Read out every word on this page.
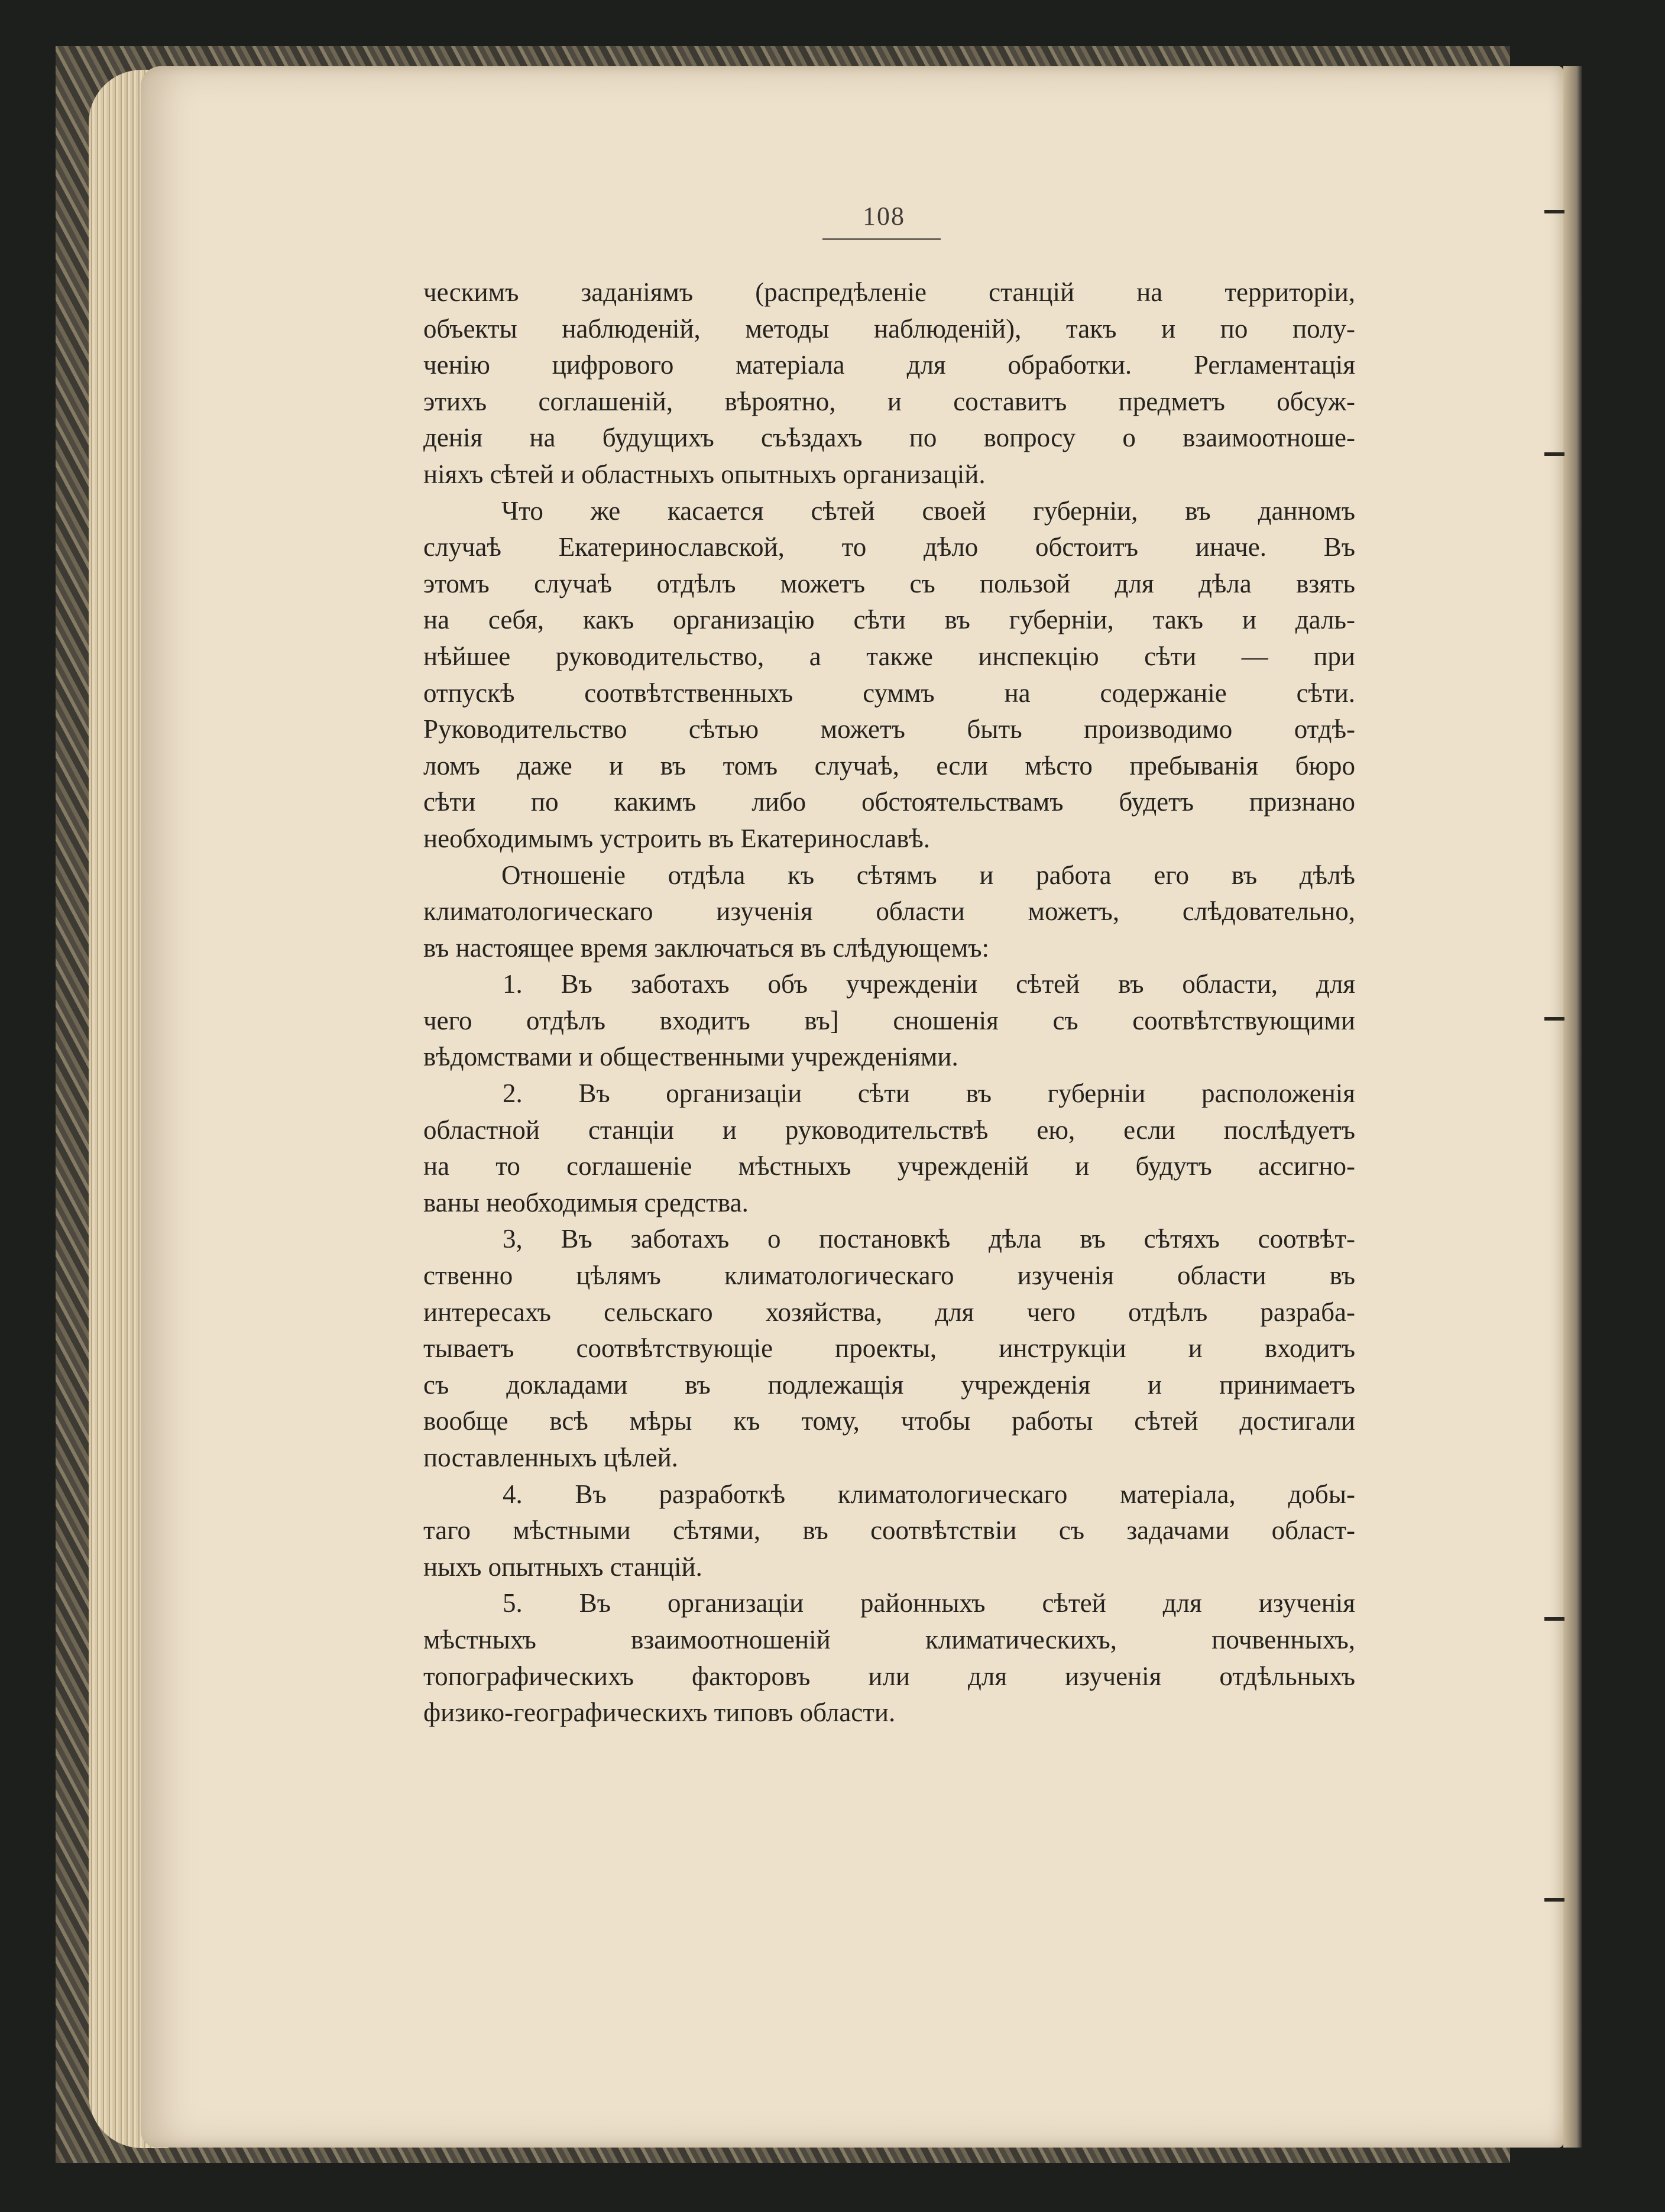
108
ческимъ заданіямъ (распредѣленіе станцій на территоріи,
объекты наблюденій, методы наблюденій), такъ и по полу-
ченію цифрового матеріала для обработки. Регламентація
этихъ соглашеній, вѣроятно, и составитъ предметъ обсуж-
денія на будущихъ съѣздахъ по вопросу о взаимоотноше-
ніяхъ сѣтей и областныхъ опытныхъ организацій.
Что же касается сѣтей своей губерніи, въ данномъ
случаѣ Екатеринославской, то дѣло обстоитъ иначе. Въ
этомъ случаѣ отдѣлъ можетъ съ пользой для дѣла взять
на себя, какъ организацію сѣти въ губерніи, такъ и даль-
нѣйшее руководительство, а также инспекцію сѣти — при
отпускѣ соотвѣтственныхъ суммъ на содержаніе сѣти.
Руководительство сѣтью можетъ быть производимо отдѣ-
ломъ даже и въ томъ случаѣ, если мѣсто пребыванія бюро
сѣти по какимъ либо обстоятельствамъ будетъ признано
необходимымъ устроить въ Екатеринославѣ.
Отношеніе отдѣла къ сѣтямъ и работа его въ дѣлѣ
климатологическаго изученія области можетъ, слѣдовательно,
въ настоящее время заключаться въ слѣдующемъ:
1. Въ заботахъ объ учрежденіи сѣтей въ области, для
чего отдѣлъ входитъ въ] сношенія съ соотвѣтствующими
вѣдомствами и общественными учрежденіями.
2. Въ организаціи сѣти въ губерніи расположенія
областной станціи и руководительствѣ ею, если послѣдуетъ
на то соглашеніе мѣстныхъ учрежденій и будутъ ассигно-
ваны необходимыя средства.
3, Въ заботахъ о постановкѣ дѣла въ сѣтяхъ соотвѣт-
ственно цѣлямъ климатологическаго изученія области въ
интересахъ сельскаго хозяйства, для чего отдѣлъ разраба-
тываетъ соотвѣтствующіе проекты, инструкціи и входитъ
съ докладами въ подлежащія учрежденія и принимаетъ
вообще всѣ мѣры къ тому, чтобы работы сѣтей достигали
поставленныхъ цѣлей.
4. Въ разработкѣ климатологическаго матеріала, добы-
таго мѣстными сѣтями, въ соотвѣтствіи съ задачами област-
ныхъ опытныхъ станцій.
5. Въ организаціи районныхъ сѣтей для изученія
мѣстныхъ взаимоотношеній климатическихъ, почвенныхъ,
топографическихъ факторовъ или для изученія отдѣльныхъ
физико-географическихъ типовъ области.
